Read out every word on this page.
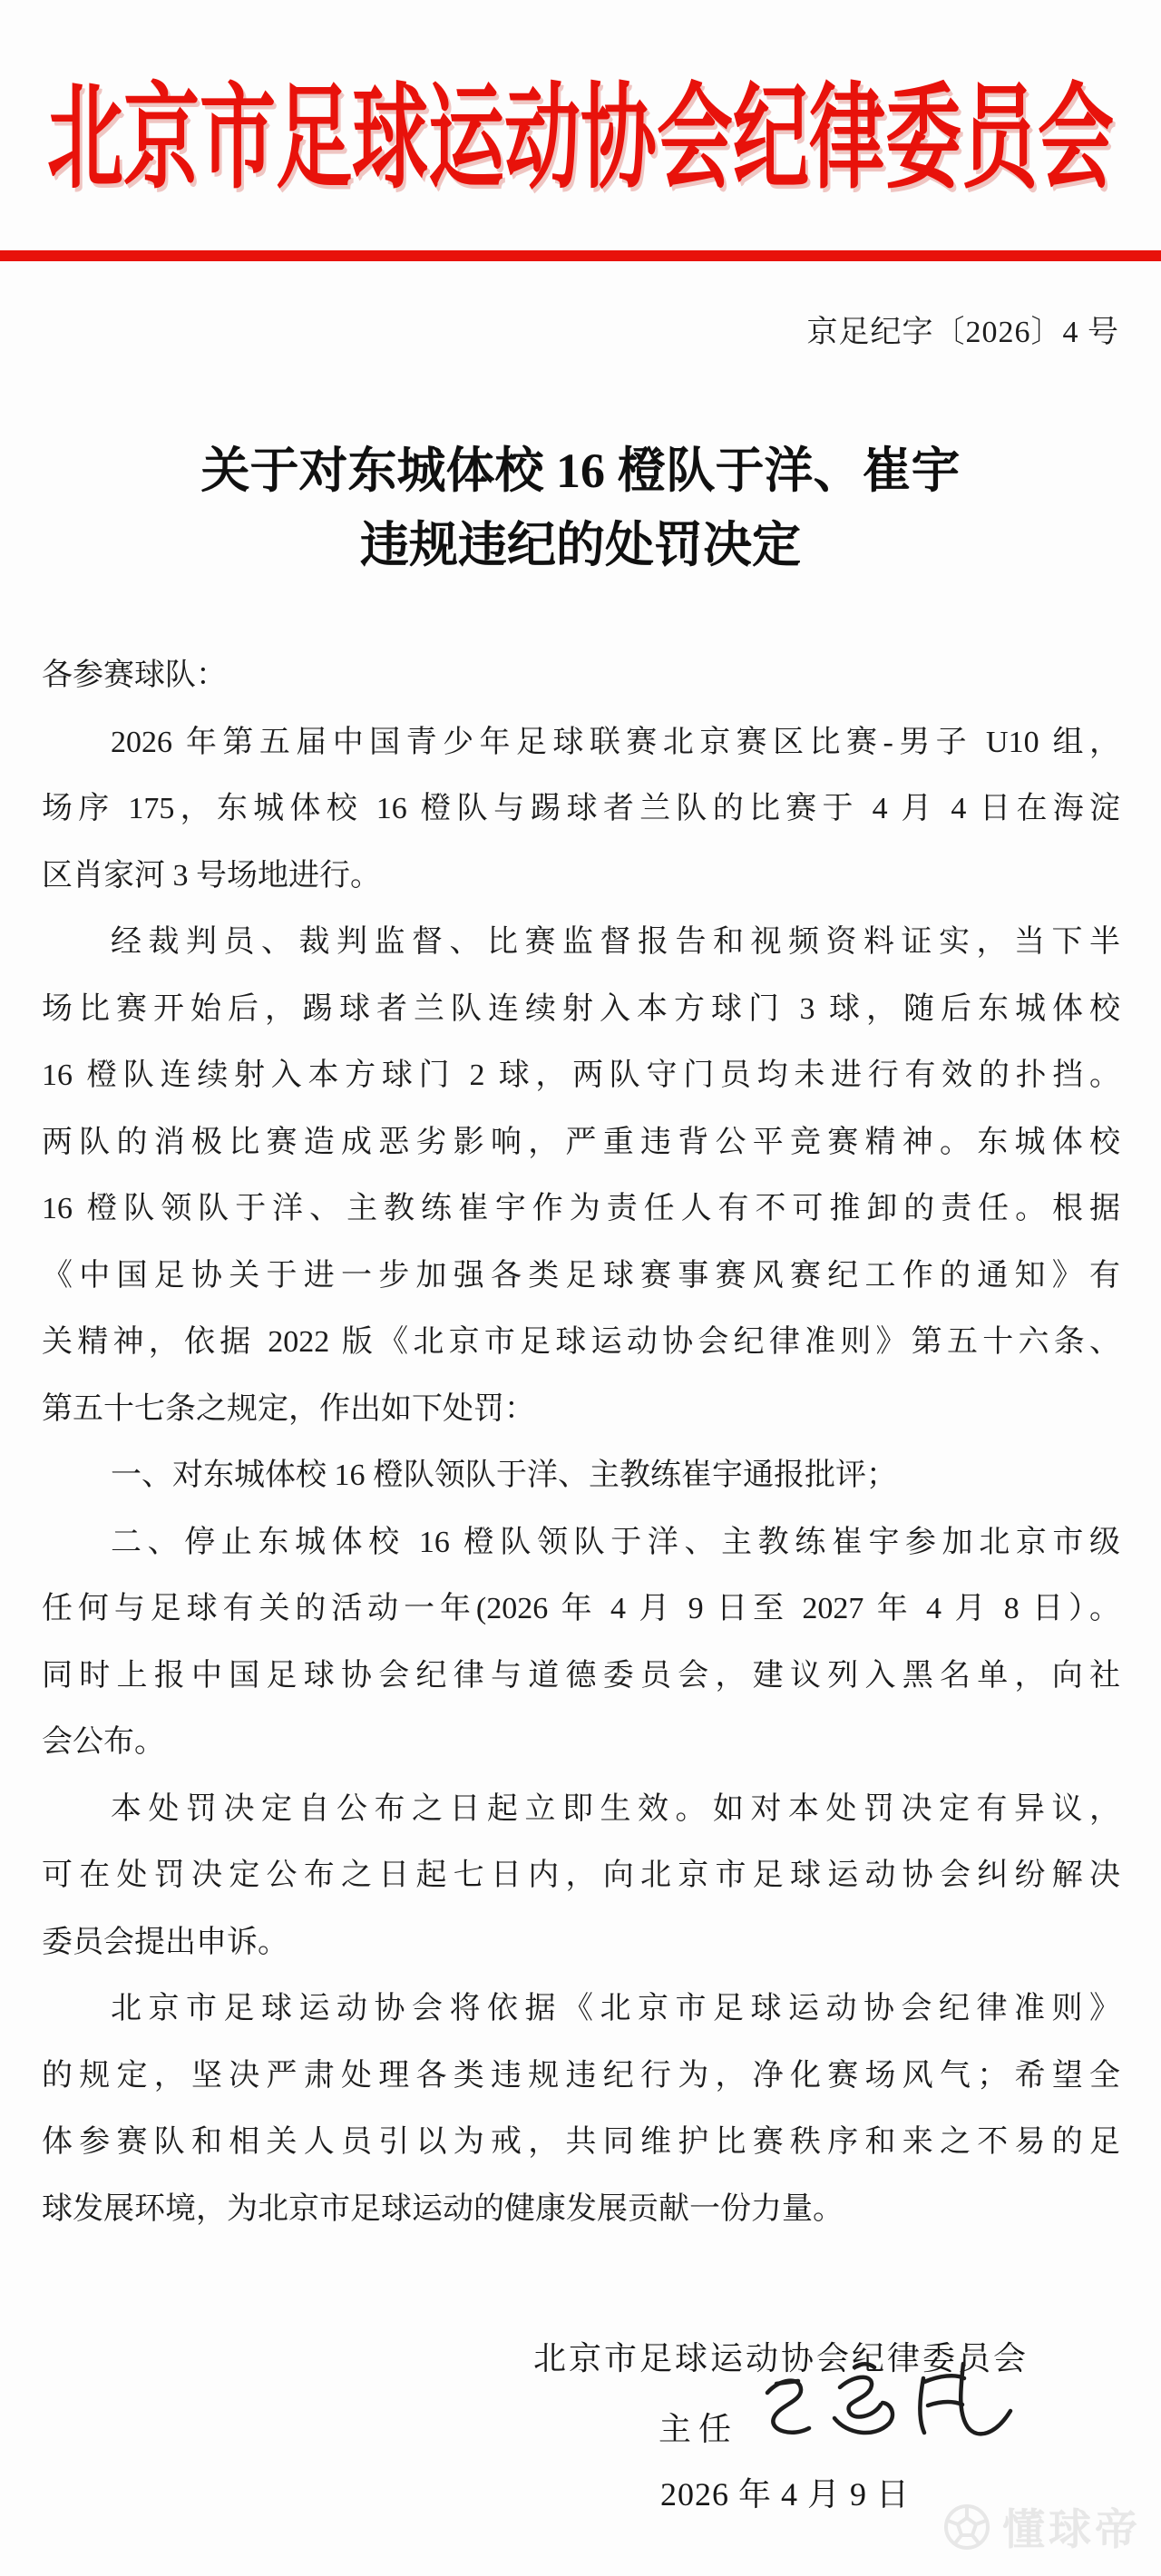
北京市足球运动协会纪律委员会
京足纪字〔2026〕4 号
关于对东城体校 16 橙队于洋、崔宇
违规违纪的处罚决定
各参赛球队：
2026 年第五届中国青少年足球联赛北京赛区比赛-男子 U10 组，
场序 175，东城体校 16 橙队与踢球者兰队的比赛于 4 月 4 日在海淀
区肖家河 3 号场地进行。
经裁判员、裁判监督、比赛监督报告和视频资料证实，当下半
场比赛开始后，踢球者兰队连续射入本方球门 3 球，随后东城体校
16 橙队连续射入本方球门 2 球，两队守门员均未进行有效的扑挡。
两队的消极比赛造成恶劣影响，严重违背公平竞赛精神。东城体校
16 橙队领队于洋、主教练崔宇作为责任人有不可推卸的责任。根据
《中国足协关于进一步加强各类足球赛事赛风赛纪工作的通知》有
关精神，依据 2022 版《北京市足球运动协会纪律准则》第五十六条、
第五十七条之规定，作出如下处罚：
一、对东城体校 16 橙队领队于洋、主教练崔宇通报批评；
二、停止东城体校 16 橙队领队于洋、主教练崔宇参加北京市级
任何与足球有关的活动一年(2026 年 4 月 9 日至 2027 年 4 月 8 日）。
同时上报中国足球协会纪律与道德委员会，建议列入黑名单，向社
会公布。
本处罚决定自公布之日起立即生效。如对本处罚决定有异议，
可在处罚决定公布之日起七日内，向北京市足球运动协会纠纷解决
委员会提出申诉。
北京市足球运动协会将依据《北京市足球运动协会纪律准则》
的规定，坚决严肃处理各类违规违纪行为，净化赛场风气；希望全
体参赛队和相关人员引以为戒，共同维护比赛秩序和来之不易的足
球发展环境，为北京市足球运动的健康发展贡献一份力量。
北京市足球运动协会纪律委员会
主任
2026 年 4 月 9 日
懂球帝
